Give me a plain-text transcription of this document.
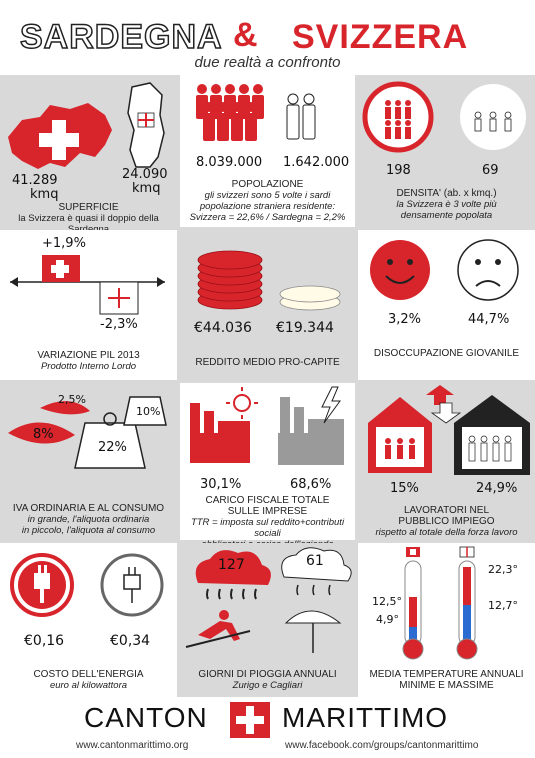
SARDEGNA & SVIZZERA
due realtà a confronto
41.289
kmq
24.090
kmq
SUPERFICIE
la Svizzera è quasi il doppio della
8.039.000 1.642.000
POPOLAZIONE
gli svizzeri sono 5 volte i sardi
popolazione straniera residente:
Svizzera = 22,6% / Sardegna = 2,2%
198	69
DENSITA' (ab. x kmq.)
la Svizzera è 3 volte più
densamente popolata
+1,9%
-2,3%
VARIAZIONE PIL 2013
Prodotto Interno Lordo
€44.036 €19.344
REDDITO MEDIO PRO-CAPITE
3,2%	44,7%
DISOCCUPAZIONE GIOVANILE
2,5%
8%
22%
10%
IVA ORDINARIA E AL CONSUMO
in grande, l'aliquota ordinaria
in piccolo, l'aliquota al consumo
30,1%	68,6%
CARICO FISCALE TOTALE
SULLE IMPRESE
TTR = imposta sul reddito+contributi sociali
15%	24,9%
LAVORATORI NEL
PUBBLICO IMPIEGO
rispetto al totale della forza lavoro
€0,16	€0,34
COSTO DELL'ENERGIA
euro al kilowattora
127	61
GIORNI DI PIOGGIA ANNUALI
Zurigo e Cagliari
12,5°
4,9°
22,3°
12,7°
MEDIA TEMPERATURE ANNUALI
MINIME E MASSIME
CANTON	MARITTIMO
www.cantonmarittimo.org	www.facebook.com/groups/cantonmarittimo
